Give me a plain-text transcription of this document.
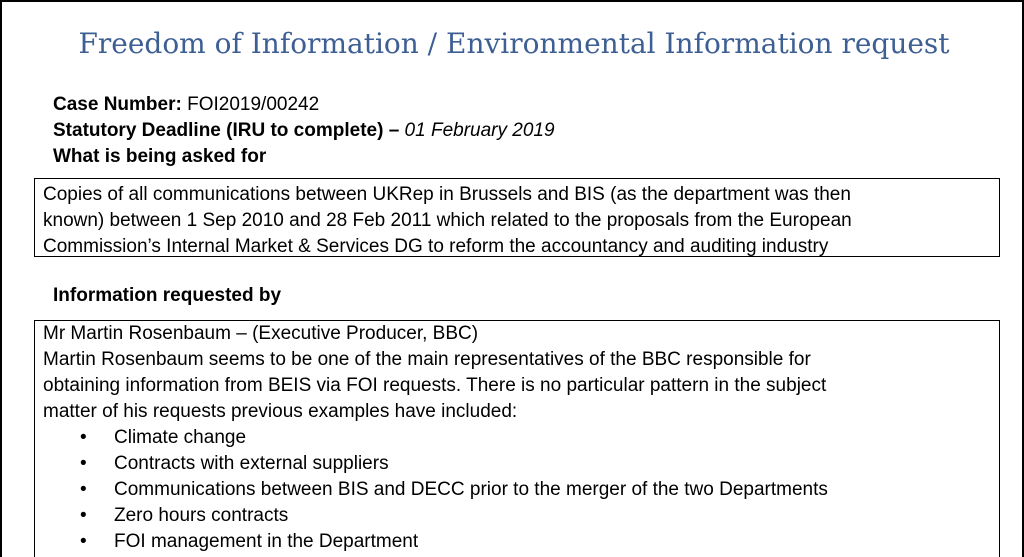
Freedom of Information / Environmental Information request
Case Number: FOI2019/00242
Statutory Deadline (IRU to complete) – 01 February 2019
What is being asked for

Copies of all communications between UKRep in Brussels and BIS (as the department was then

known) between 1 Sep 2010 and 28 Feb 2011 which related to the proposals from the European

Commission’s Internal Market & Services DG to reform the accountancy and auditing industry

Information requested by

Mr Martin Rosenbaum – (Executive Producer, BBC)

Martin Rosenbaum seems to be one of the main representatives of the BBC responsible for

obtaining information from BEIS via FOI requests. There is no particular pattern in the subject

matter of his requests previous examples have included:

• Climate change
• Contracts with external suppliers
• Communications between BIS and DECC prior to the merger of the two Departments
• Zero hours contracts
• FOI management in the Department
